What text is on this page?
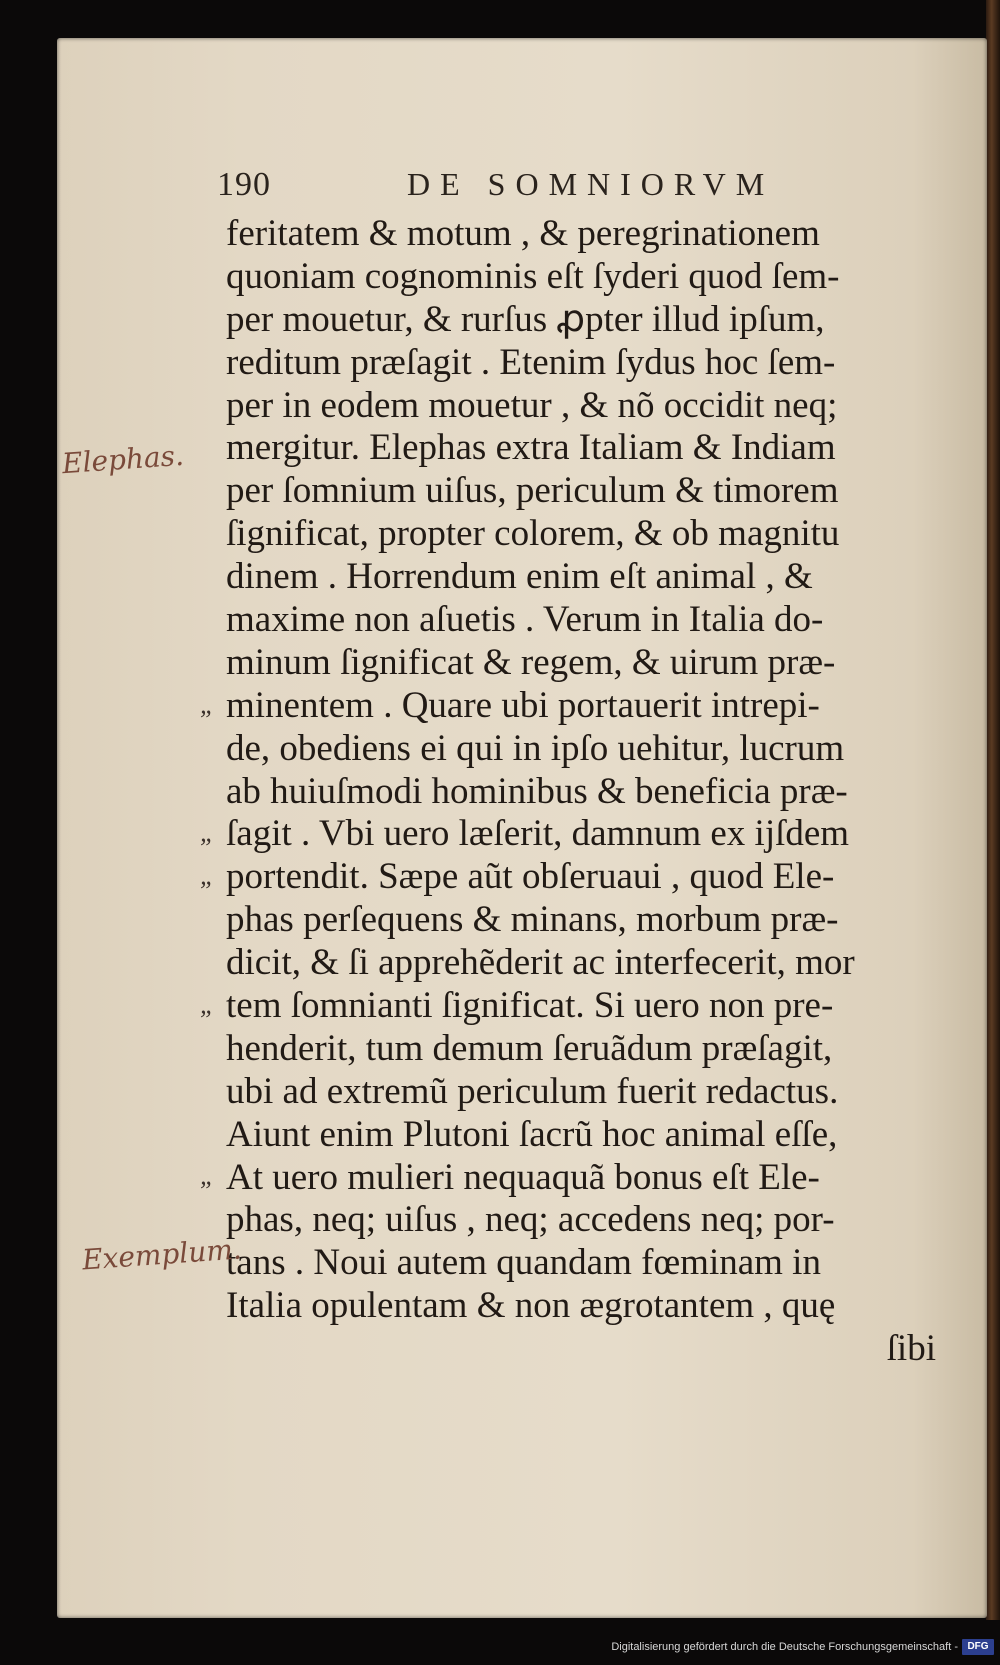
190	DE SOMNIORVM
feritatem & motum , & peregrinationem
quoniam cognominis eſt ſyderi quod ſem-
per mouetur, & rurſus ꝓpter illud ipſum,
reditum præſagit . Etenim ſydus hoc ſem-
per in eodem mouetur , & nõ occidit neq;
mergitur. Elephas extra Italiam & Indiam
per ſomnium uiſus, periculum & timorem
ſignificat, propter colorem, & ob magnitu
dinem . Horrendum enim eſt animal , &
maxime non aſuetis . Verum in Italia do-
minum ſignificat & regem, & uirum præ-
minentem . Quare ubi portauerit intrepi-
de, obediens ei qui in ipſo uehitur, lucrum
ab huiuſmodi hominibus & beneficia præ-
ſagit . Vbi uero læſerit, damnum ex ijſdem
portendit. Sæpe aũt obſeruaui , quod Ele-
phas perſequens & minans, morbum præ-
dicit, & ſi apprehẽderit ac interfecerit, mor
tem ſomnianti ſignificat. Si uero non pre-
henderit, tum demum ſeruãdum præſagit,
ubi ad extremũ periculum fuerit redactus.
Aiunt enim Plutoni ſacrũ hoc animal eſſe,
At uero mulieri nequaquã bonus eſt Ele-
phas, neq; uiſus , neq; accedens neq; por-
tans . Noui autem quandam fœminam in
Italia opulentam & non ægrotantem , quę
ſibi
„
„
„
„
„
Elephas.
Exemplum.
Digitalisierung gefördert durch die Deutsche Forschungsgemeinschaft - DFG
